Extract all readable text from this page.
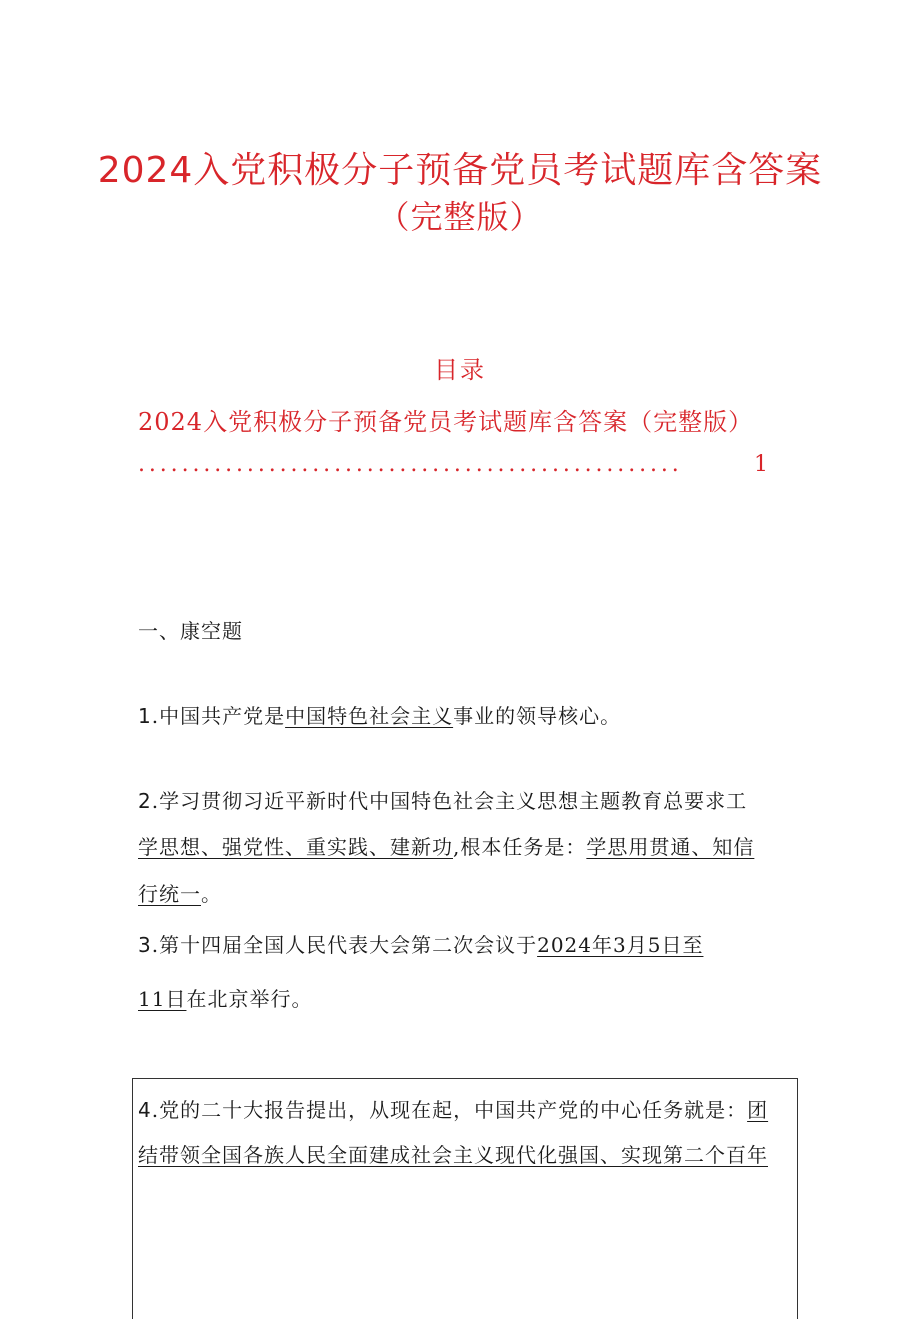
2024入党积极分子预备党员考试题库含答案
（完整版）
目录
2024入党积极分子预备党员考试题库含答案（完整版）
..................................................	1
一、康空题
1.中国共产党是中国特色社会主义事业的领导核心。
2.学习贯彻习近平新时代中国特色社会主义思想主题教育总要求工
学思想、强党性、重实践、建新功,根本任务是：学思用贯通、知信
行统一。
3.第十四届全国人民代表大会第二次会议于2024年3月5日至
11日在北京举行。
4.党的二十大报告提出，从现在起，中国共产党的中心任务就是：团
结带领全国各族人民全面建成社会主义现代化强国、实现第二个百年
